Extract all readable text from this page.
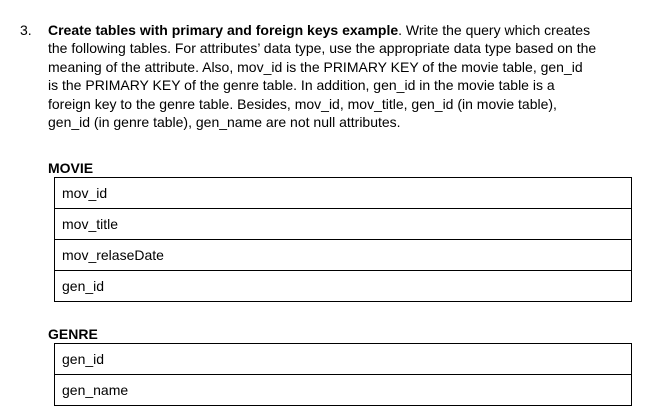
3. Create tables with primary and foreign keys example. Write the query which creates
the following tables. For attributes’ data type, use the appropriate data type based on the
meaning of the attribute. Also, mov_id is the PRIMARY KEY of the movie table, gen_id
is the PRIMARY KEY of the genre table. In addition, gen_id in the movie table is a
foreign key to the genre table. Besides, mov_id, mov_title, gen_id (in movie table),
gen_id (in genre table), gen_name are not null attributes.
MOVIE
mov_id
mov_title
mov_relaseDate
gen_id
GENRE
gen_id
gen_name
